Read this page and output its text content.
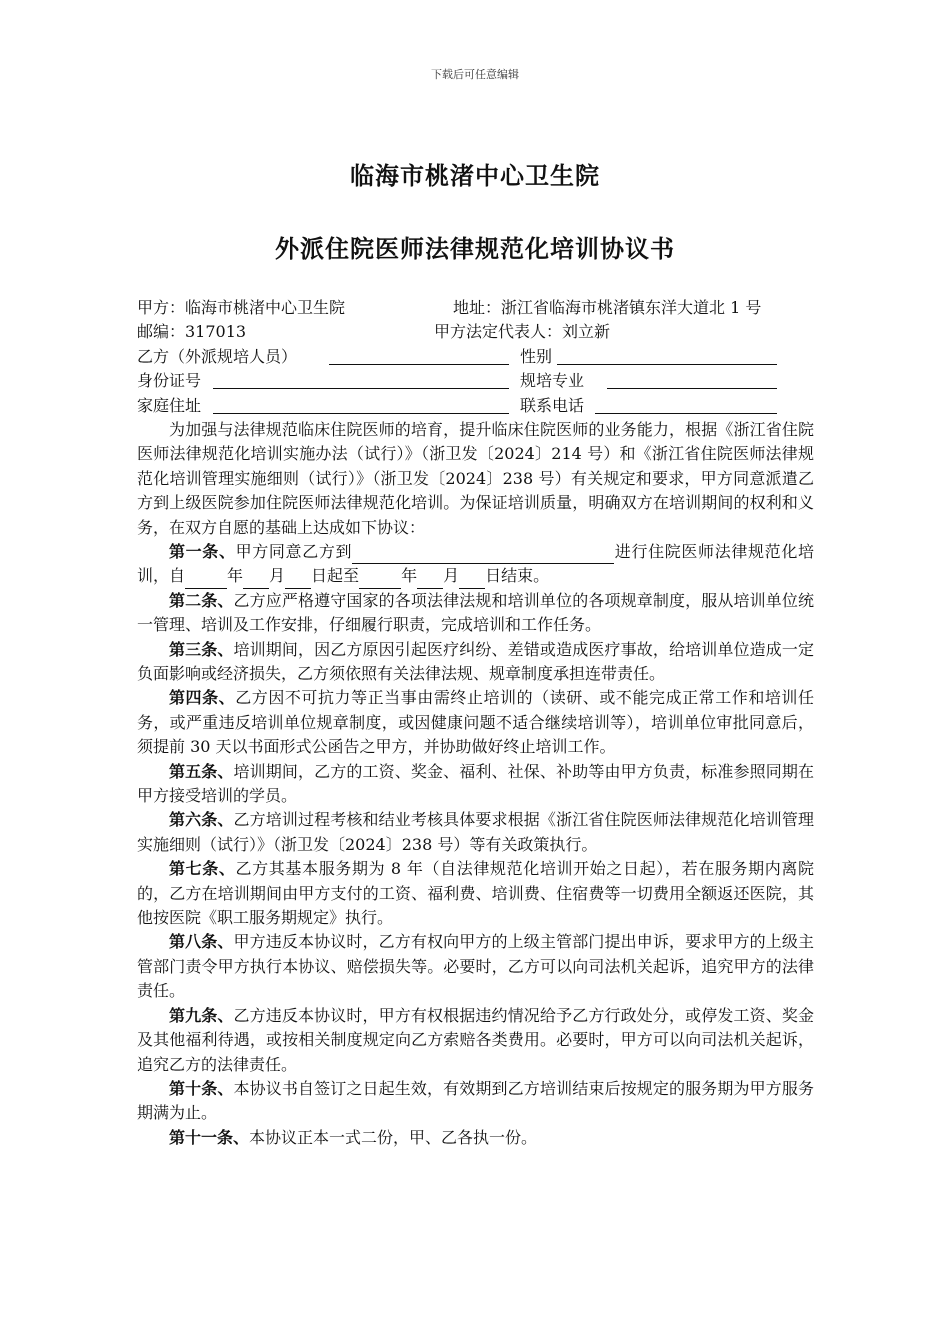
下载后可任意编辑
临海市桃渚中心卫生院
外派住院医师法律规范化培训协议书
甲方：临海市桃渚中心卫生院	地址：浙江省临海市桃渚镇东洋大道北 1 号
邮编：317013	甲方法定代表人：刘立新
乙方（外派规培人员）	性别
身份证号	规培专业
家庭住址	联系电话

为加强与法律规范临床住院医师的培育，提升临床住院医师的业务能力，根据《浙江省住院医师法律规范化培训实施办法（试行）》（浙卫发〔2024〕214 号）和《浙江省住院医师法律规范化培训管理实施细则（试行）》（浙卫发〔2024〕238 号）有关规定和要求，甲方同意派遣乙方到上级医院参加住院医师法律规范化培训。为保证培训质量，明确双方在培训期间的权利和义务，在双方自愿的基础上达成如下协议：

第一条、甲方同意乙方到	进行住院医师法律规范化培训，自	年 月 日起至	年 月 日结束。

第二条、乙方应严格遵守国家的各项法律法规和培训单位的各项规章制度，服从培训单位统一管理、培训及工作安排，仔细履行职责，完成培训和工作任务。

第三条、培训期间，因乙方原因引起医疗纠纷、差错或造成医疗事故，给培训单位造成一定负面影响或经济损失，乙方须依照有关法律法规、规章制度承担连带责任。

第四条、乙方因不可抗力等正当事由需终止培训的（读研、或不能完成正常工作和培训任务，或严重违反培训单位规章制度，或因健康问题不适合继续培训等），培训单位审批同意后，须提前 30 天以书面形式公函告之甲方，并协助做好终止培训工作。

第五条、培训期间，乙方的工资、奖金、福利、社保、补助等由甲方负责，标准参照同期在甲方接受培训的学员。

第六条、乙方培训过程考核和结业考核具体要求根据《浙江省住院医师法律规范化培训管理实施细则（试行）》（浙卫发〔2024〕238 号）等有关政策执行。

第七条、乙方其基本服务期为 8 年（自法律规范化培训开始之日起），若在服务期内离院的，乙方在培训期间由甲方支付的工资、福利费、培训费、住宿费等一切费用全额返还医院，其他按医院《职工服务期规定》执行。

第八条、甲方违反本协议时，乙方有权向甲方的上级主管部门提出申诉，要求甲方的上级主管部门责令甲方执行本协议、赔偿损失等。必要时，乙方可以向司法机关起诉，追究甲方的法律责任。

第九条、乙方违反本协议时，甲方有权根据违约情况给予乙方行政处分，或停发工资、奖金及其他福利待遇，或按相关制度规定向乙方索赔各类费用。必要时，甲方可以向司法机关起诉，追究乙方的法律责任。

第十条、本协议书自签订之日起生效，有效期到乙方培训结束后按规定的服务期为甲方服务期满为止。

第十一条、本协议正本一式二份，甲、乙各执一份。
